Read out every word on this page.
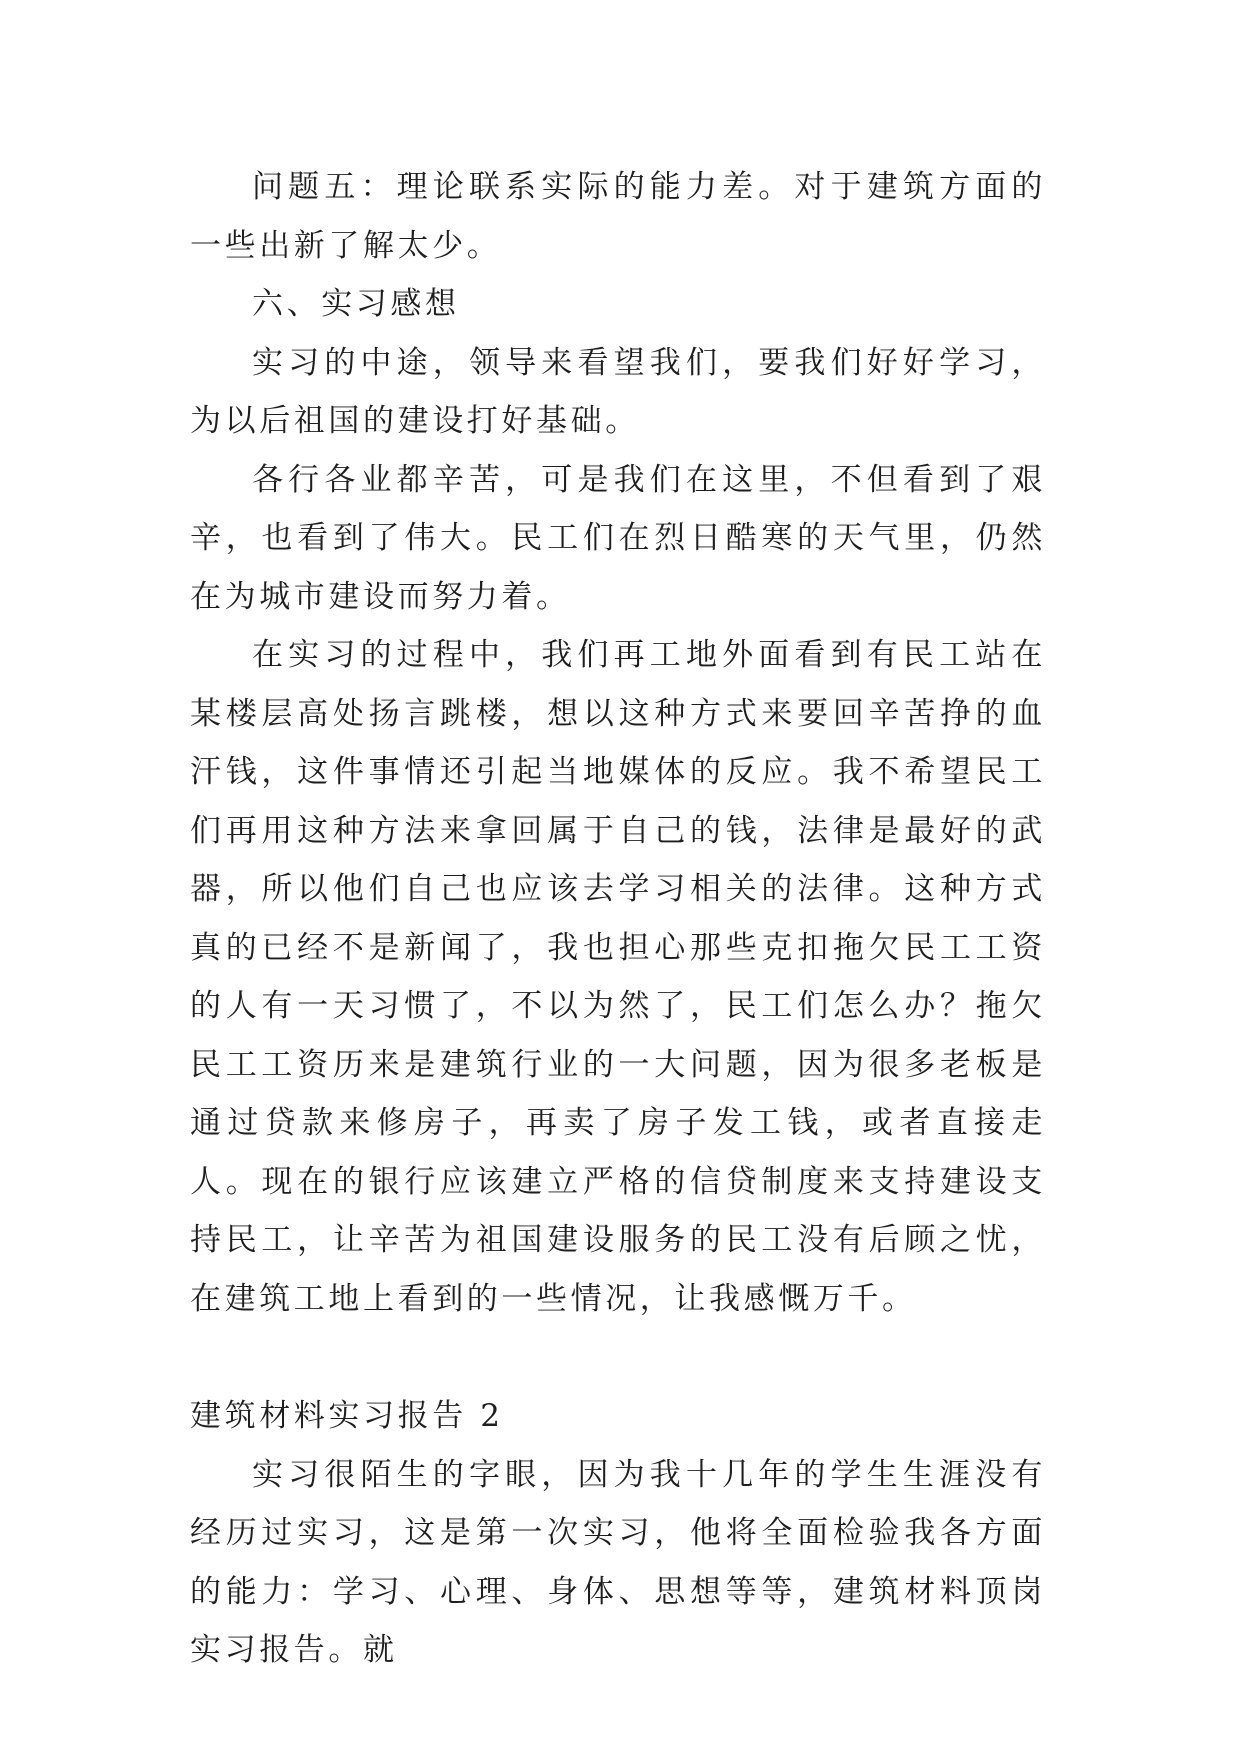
问题五：理论联系实际的能力差。对于建筑方面的一些出新了解太少。

六、实习感想

实习的中途，领导来看望我们，要我们好好学习，为以后祖国的建设打好基础。

各行各业都辛苦，可是我们在这里，不但看到了艰辛，也看到了伟大。民工们在烈日酷寒的天气里，仍然在为城市建设而努力着。

在实习的过程中，我们再工地外面看到有民工站在某楼层高处扬言跳楼，想以这种方式来要回辛苦挣的血汗钱，这件事情还引起当地媒体的反应。我不希望民工们再用这种方法来拿回属于自己的钱，法律是最好的武器，所以他们自己也应该去学习相关的法律。这种方式真的已经不是新闻了，我也担心那些克扣拖欠民工工资的人有一天习惯了，不以为然了，民工们怎么办？拖欠民工工资历来是建筑行业的一大问题，因为很多老板是通过贷款来修房子，再卖了房子发工钱，或者直接走人。现在的银行应该建立严格的信贷制度来支持建设支持民工，让辛苦为祖国建设服务的民工没有后顾之忧，在建筑工地上看到的一些情况，让我感慨万千。

建筑材料实习报告 2

实习很陌生的字眼，因为我十几年的学生生涯没有经历过实习，这是第一次实习，他将全面检验我各方面的能力：学习、心理、身体、思想等等，建筑材料顶岗实习报告。就
